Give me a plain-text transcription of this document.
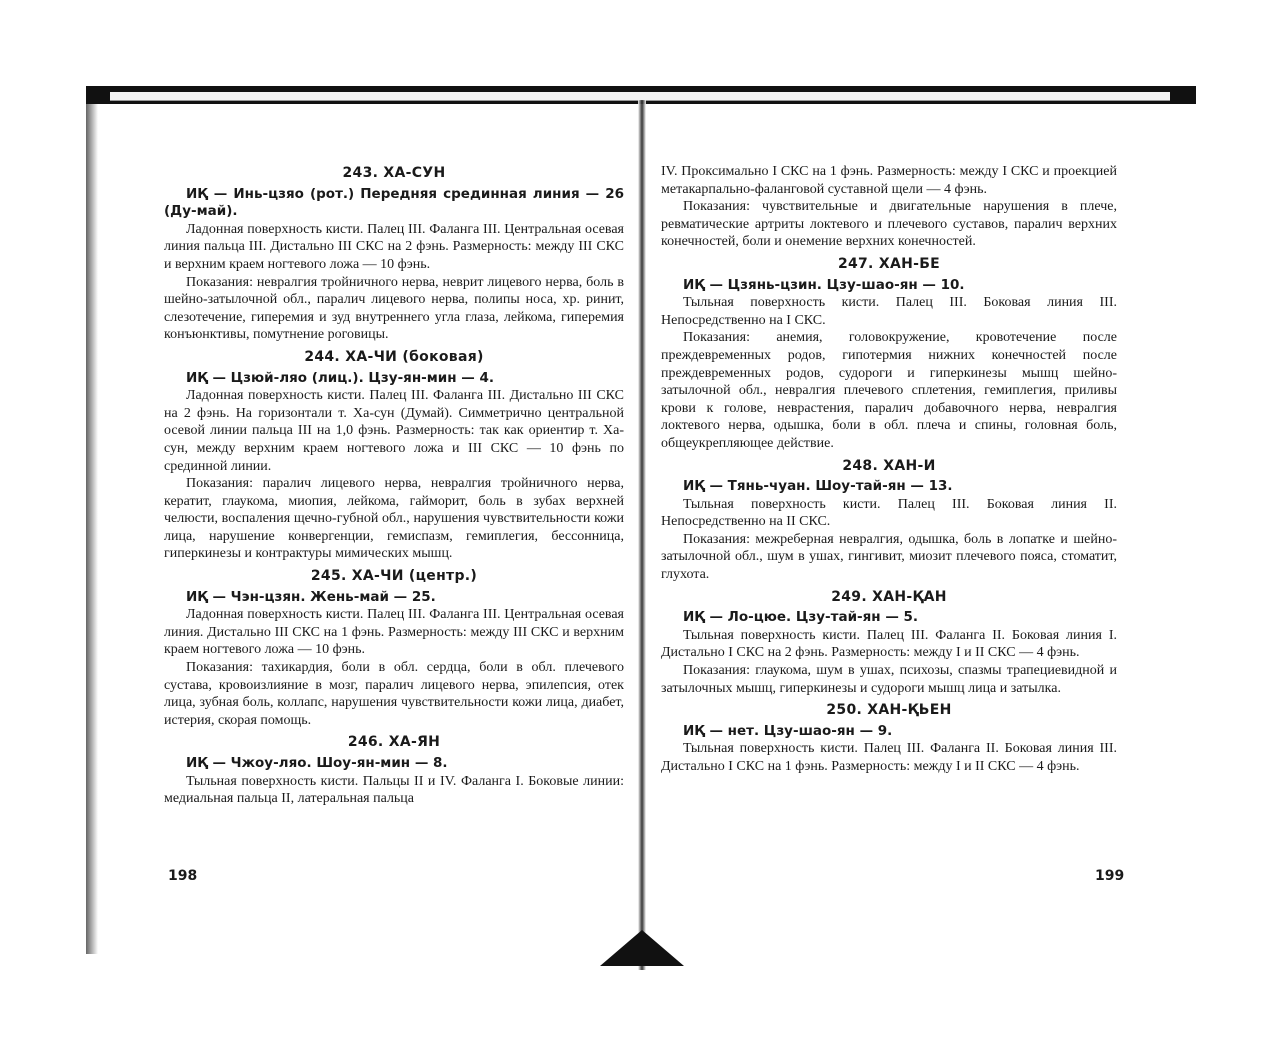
243. ХА-СУН

ИҚ — Инь-цзяо (рот.) Передняя срединная линия — 26 (Ду-май).

Ладонная поверхность кисти. Палец III. Фаланга III. Центральная осевая линия пальца III. Дистально III СКС на 2 фэнь. Размерность: между III СКС и верхним краем ногтевого ложа — 10 фэнь.

Показания: невралгия тройничного нерва, неврит лицевого нерва, боль в шейно-затылочной обл., паралич лицевого нерва, полипы носа, хр. ринит, слезотечение, гиперемия и зуд внутреннего угла глаза, лейкома, гиперемия конъюнктивы, помутнение роговицы.

244. ХА-ЧИ (боковая)

ИҚ — Цзюй-ляо (лиц.). Цзу-ян-мин — 4.

Ладонная поверхность кисти. Палец III. Фаланга III. Дистально III СКС на 2 фэнь. На горизонтали т. Ха-сун (Думай). Симметрично центральной осевой линии пальца III на 1,0 фэнь. Размерность: так как ориентир т. Ха-сун, между верхним краем ногтевого ложа и III СКС — 10 фэнь по срединной линии.

Показания: паралич лицевого нерва, невралгия тройничного нерва, кератит, глаукома, миопия, лейкома, гайморит, боль в зубах верхней челюсти, воспаления щечно-губной обл., нарушения чувствительности кожи лица, нарушение конвергенции, гемиспазм, гемиплегия, бессонница, гиперкинезы и контрактуры мимических мышц.

245. ХА-ЧИ (центр.)

ИҚ — Чэн-цзян. Жень-май — 25.

Ладонная поверхность кисти. Палец III. Фаланга III. Центральная осевая линия. Дистально III СКС на 1 фэнь. Размерность: между III СКС и верхним краем ногтевого ложа — 10 фэнь.

Показания: тахикардия, боли в обл. сердца, боли в обл. плечевого сустава, кровоизлияние в мозг, паралич лицевого нерва, эпилепсия, отек лица, зубная боль, коллапс, нарушения чувствительности кожи лица, диабет, истерия, скорая помощь.

246. ХА-ЯН

ИҚ — Чжоу-ляо. Шоу-ян-мин — 8.

Тыльная поверхность кисти. Пальцы II и IV. Фаланга I. Боковые линии: медиальная пальца II, латеральная пальца

198

IV. Проксимально I СКС на 1 фэнь. Размерность: между I СКС и проекцией метакарпально-фаланговой суставной щели — 4 фэнь.

Показания: чувствительные и двигательные нарушения в плече, ревматические артриты локтевого и плечевого суставов, паралич верхних конечностей, боли и онемение верхних конечностей.

247. ХАН-БЕ

ИҚ — Цзянь-цзин. Цзу-шао-ян — 10.

Тыльная поверхность кисти. Палец III. Боковая линия III. Непосредственно на I СКС.

Показания: анемия, головокружение, кровотечение после преждевременных родов, гипотермия нижних конечностей после преждевременных родов, судороги и гиперкинезы мышц шейно-затылочной обл., невралгия плечевого сплетения, гемиплегия, приливы крови к голове, неврастения, паралич добавочного нерва, невралгия локтевого нерва, одышка, боли в обл. плеча и спины, головная боль, общеукрепляющее действие.

248. ХАН-И

ИҚ — Тянь-чуан. Шоу-тай-ян — 13.

Тыльная поверхность кисти. Палец III. Боковая линия II. Непосредственно на II СКС.

Показания: межреберная невралгия, одышка, боль в лопатке и шейно-затылочной обл., шум в ушах, гингивит, миозит плечевого пояса, стоматит, глухота.

249. ХАН-ҚАН

ИҚ — Ло-цюе. Цзу-тай-ян — 5.

Тыльная поверхность кисти. Палец III. Фаланга II. Боковая линия I. Дистально I СКС на 2 фэнь. Размерность: между I и II СКС — 4 фэнь.

Показания: глаукома, шум в ушах, психозы, спазмы трапециевидной и затылочных мышц, гиперкинезы и судороги мышц лица и затылка.

250. ХАН-ҚЬЕН

ИҚ — нет. Цзу-шао-ян — 9.

Тыльная поверхность кисти. Палец III. Фаланга II. Боковая линия III. Дистально I СКС на 1 фэнь. Размерность: между I и II СКС — 4 фэнь.

199
